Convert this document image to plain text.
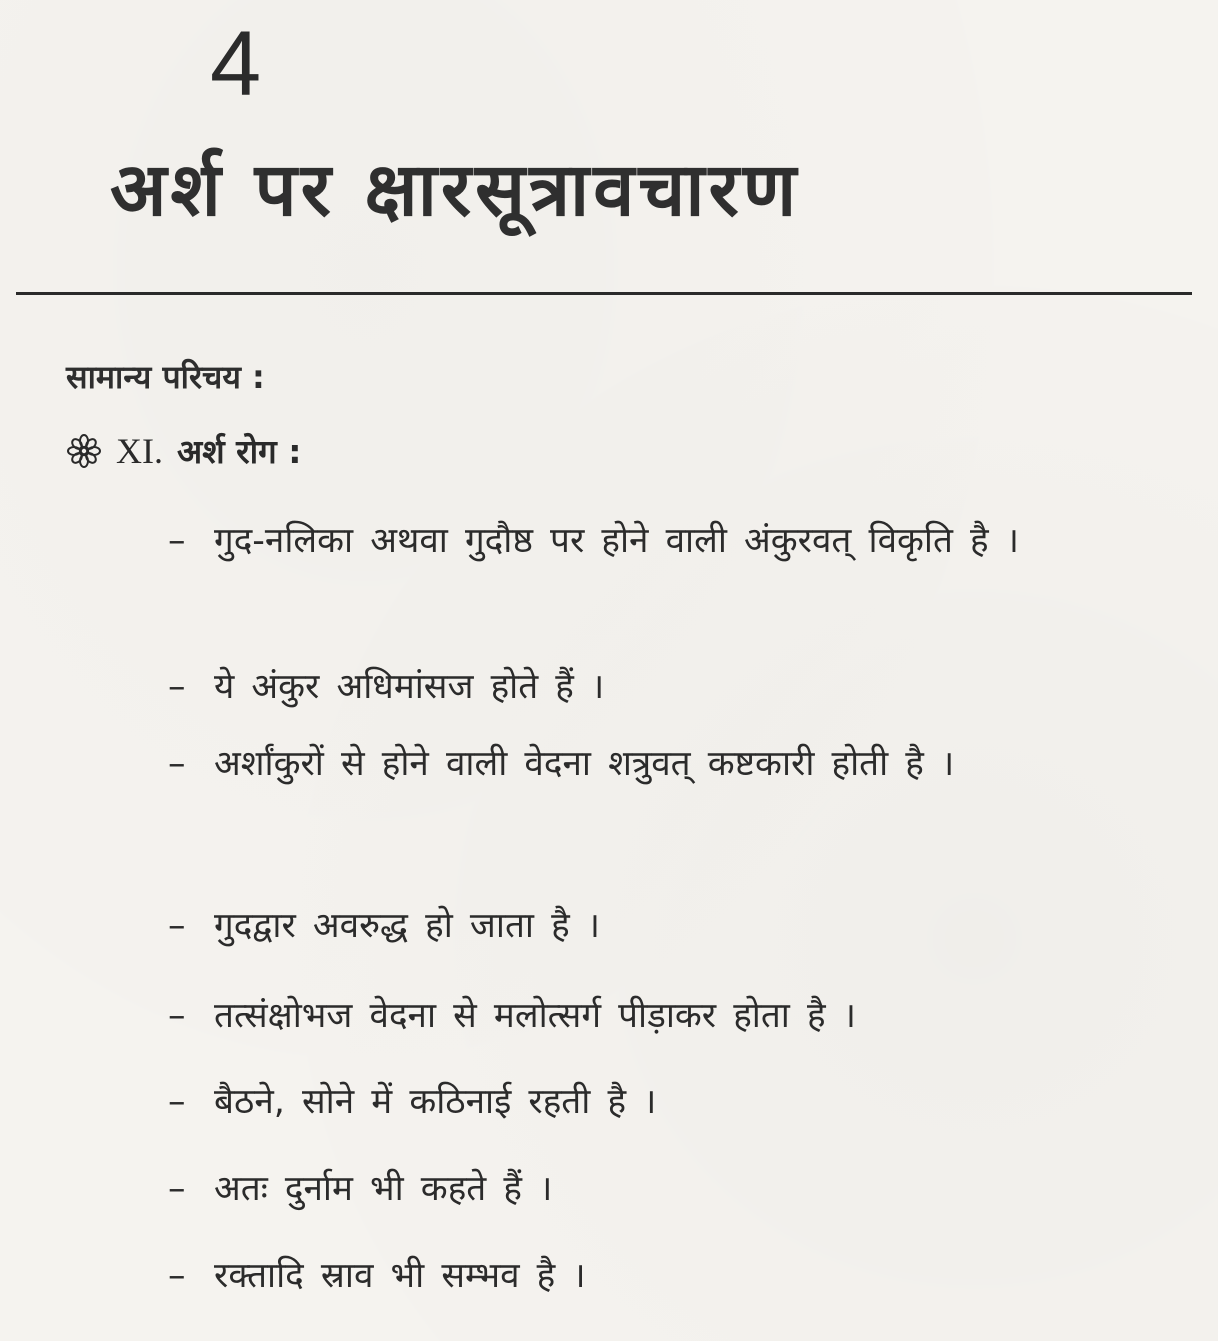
4
अर्श पर क्षारसूत्रावचारण
सामान्य परिचय :
XI. अर्श रोग :
– गुद-नलिका अथवा गुदौष्ठ पर होने वाली अंकुरवत् विकृति है ।
– ये अंकुर अधिमांसज होते हैं ।
– अर्शांकुरों से होने वाली वेदना शत्रुवत् कष्टकारी होती है ।
– गुदद्वार अवरुद्ध हो जाता है ।
– तत्संक्षोभज वेदना से मलोत्सर्ग पीड़ाकर होता है ।
– बैठने, सोने में कठिनाई रहती है ।
– अतः दुर्नाम भी कहते हैं ।
– रक्तादि स्राव भी सम्भव है ।
